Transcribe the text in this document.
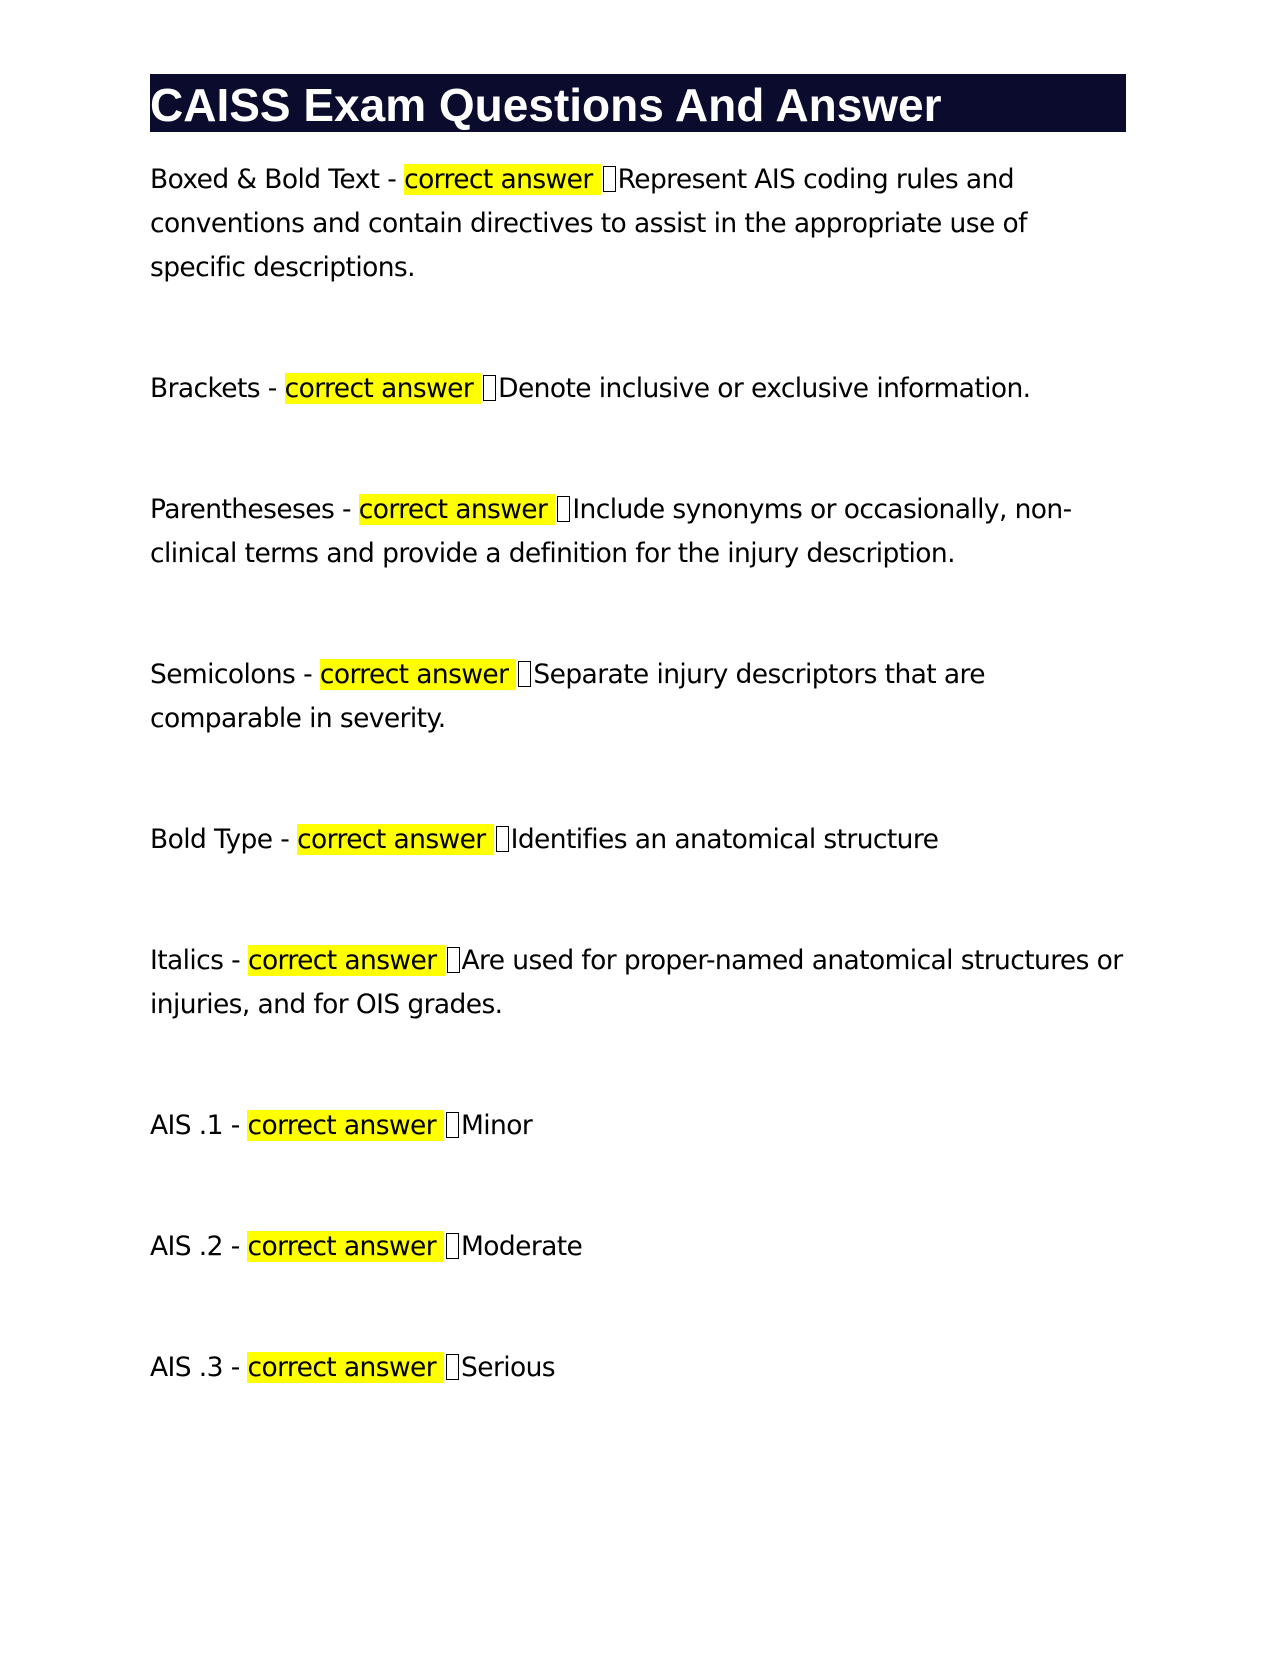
CAISS Exam Questions And Answer

Boxed & Bold Text - correct answer Represent AIS coding rules and conventions and contain directives to assist in the appropriate use of specific descriptions.

Brackets - correct answer Denote inclusive or exclusive information.

Parentheseses - correct answer Include synonyms or occasionally, non-clinical terms and provide a definition for the injury description.

Semicolons - correct answer Separate injury descriptors that are comparable in severity.

Bold Type - correct answer Identifies an anatomical structure

Italics - correct answer Are used for proper-named anatomical structures or injuries, and for OIS grades.

AIS .1 - correct answer Minor

AIS .2 - correct answer Moderate

AIS .3 - correct answer Serious
